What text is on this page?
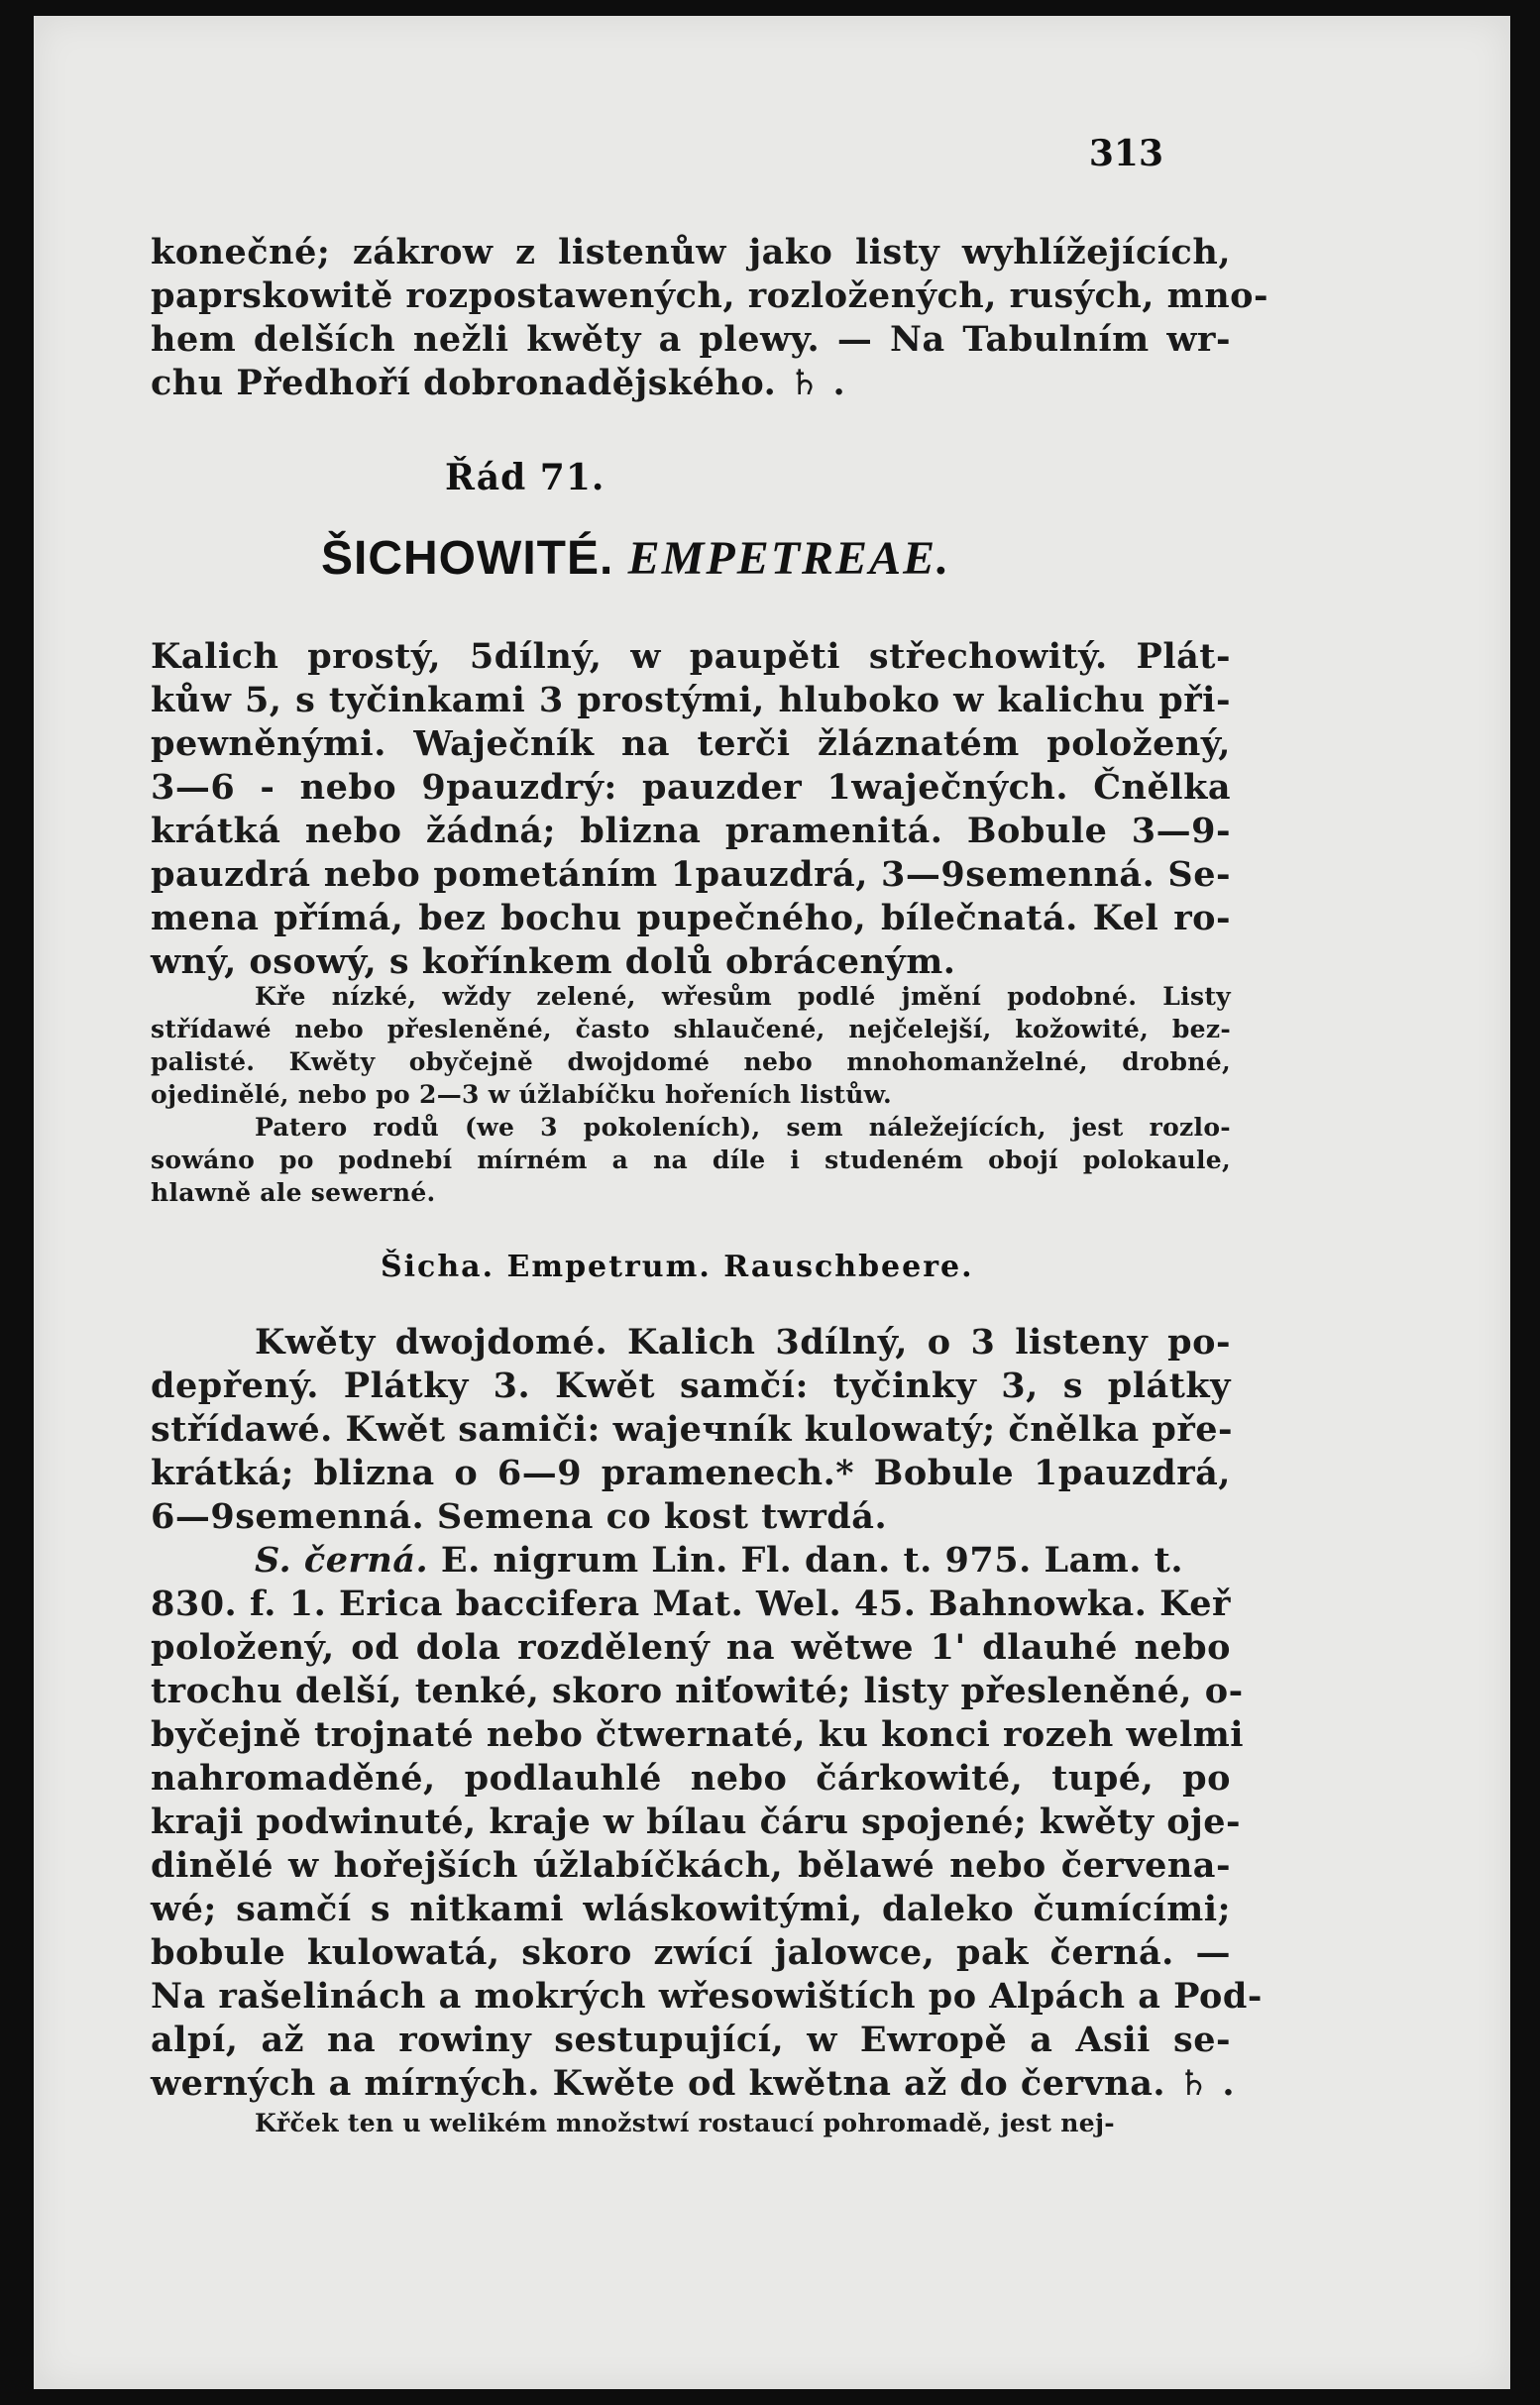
313
konečné; zákrow z listenůw jako listy wyhlížejících,
paprskowitě rozpostawených, rozložených, rusých, mno-
hem delších nežli kwěty a plewy. — Na Tabulním wr-
chu Předhoří dobronadějského. ♄ .
Řád 71.
ŠICHOWITÉ. EMPETREAE.
Kalich prostý, 5dílný, w paupěti střechowitý. Plát-
kůw 5, s tyčinkami 3 prostými, hluboko w kalichu při-
pewněnými. Waječník na terči žláznatém položený,
3—6 - nebo 9pauzdrý: pauzder 1waječných. Čnělka
krátká nebo žádná; blizna pramenitá. Bobule 3—9-
pauzdrá nebo pometáním 1pauzdrá, 3—9semenná. Se-
mena přímá, bez bochu pupečného, bílečnatá. Kel ro-
wný, osowý, s kořínkem dolů obráceným.
Kře nízké, wždy zelené, wřesům podlé jmění podobné. Listy
střídawé nebo přesleněné, často shlaučené, nejčelejší, kožowité, bez-
palisté. Kwěty obyčejně dwojdomé nebo mnohomanželné, drobné,
ojedinělé, nebo po 2—3 w úžlabíčku hořeních listůw.
Patero rodů (we 3 pokoleních), sem náležejících, jest rozlo-
sowáno po podnebí mírném a na díle i studeném obojí polokaule,
hlawně ale sewerné.
Šicha. Empetrum. Rauschbeere.
Kwěty dwojdomé. Kalich 3dílný, o 3 listeny po-
depřený. Plátky 3. Kwět samčí: tyčinky 3, s plátky
střídawé. Kwět samiči: wajечník kulowatý; čnělka pře-
krátká; blizna o 6—9 pramenech.* Bobule 1pauzdrá,
6—9semenná. Semena co kost twrdá.
S. černá. E. nigrum Lin. Fl. dan. t. 975. Lam. t.
830. f. 1. Erica baccifera Mat. Wel. 45. Bahnowka. Keř
položený, od dola rozdělený na wětwe 1' dlauhé nebo
trochu delší, tenké, skoro niťowité; listy přesleněné, o-
byčejně trojnaté nebo čtwernaté, ku konci rozeh welmi
nahromaděné, podlauhlé nebo čárkowité, tupé, po
kraji podwinuté, kraje w bílau čáru spojené; kwěty oje-
dinělé w hořejších úžlabíčkách, bělawé nebo červena-
wé; samčí s nitkami wláskowitými, daleko čumícími;
bobule kulowatá, skoro zwící jalowce, pak černá. —
Na rašelinách a mokrých wřesowištích po Alpách a Pod-
alpí, až na rowiny sestupující, w Ewropě a Asii se-
werných a mírných. Kwěte od kwětna až do června. ♄ .
Křček ten u welikém množstwí rostaucí pohromadě, jest nej-
